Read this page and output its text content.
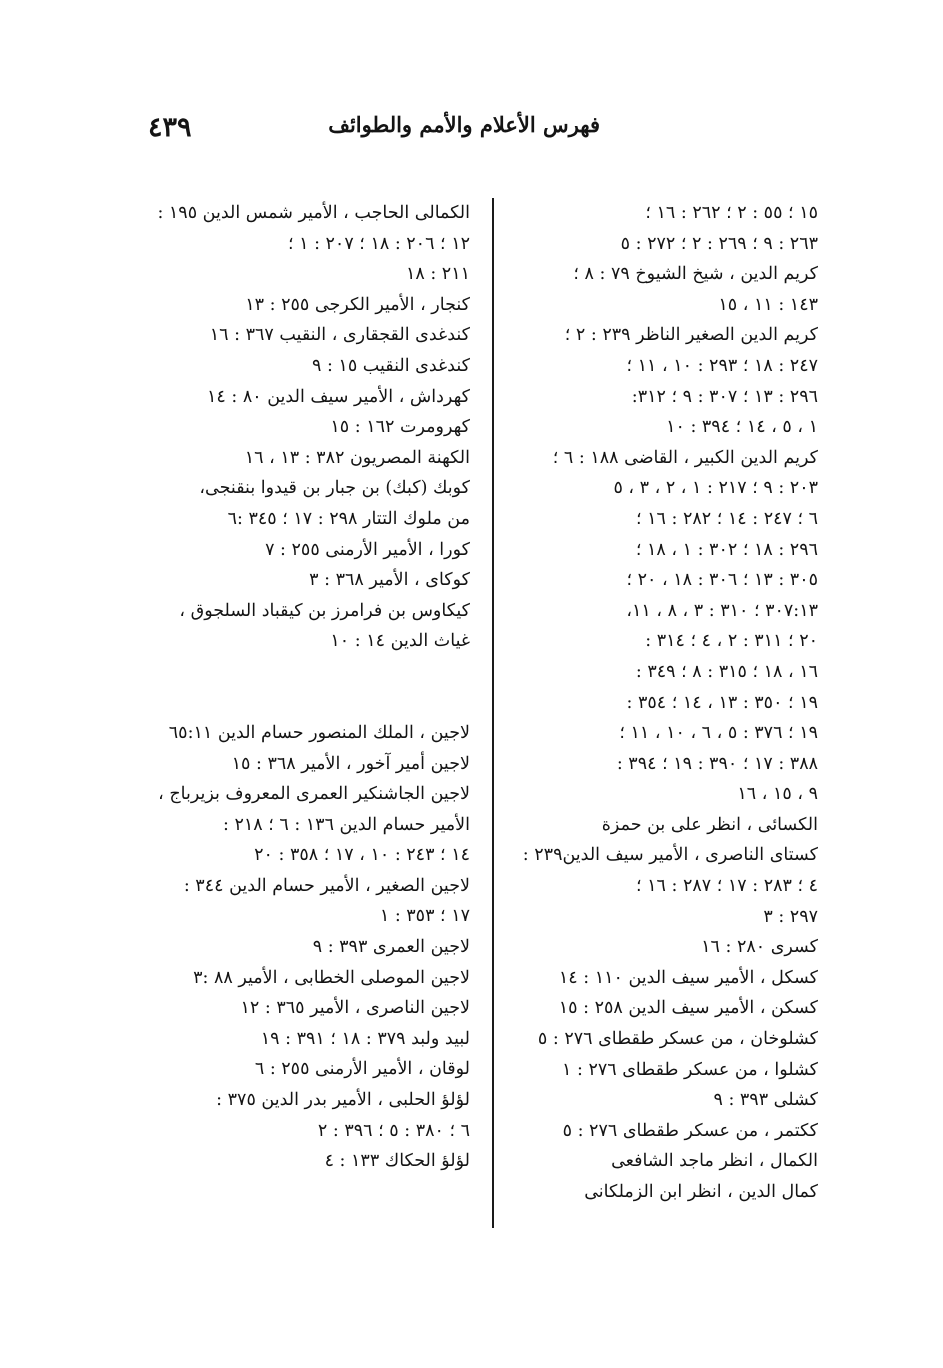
٤٣٩	فهرس الأعلام والأمم والطوائف
١٥ ؛ ٥٥ : ٢ ؛ ٢٦٢ : ١٦ ؛
٢٦٣ : ٩ ؛ ٢٦٩ : ٢ ؛ ٢٧٢ : ٥
كريم الدين ، شيخ الشيوخ ٧٩ : ٨ ؛
١٤٣ : ١١ ، ١٥
كريم الدين الصغير الناظر ٢٣٩ : ٢ ؛
٢٤٧ : ١٨ ؛ ٢٩٣ : ١٠ ، ١١ ؛
٢٩٦ : ١٣ ؛ ٣٠٧ : ٩ ؛ ٣١٢:
١ ، ٥ ، ١٤ ؛ ٣٩٤ : ١٠
كريم الدين الكبير ، القاضى ١٨٨ : ٦ ؛
٢٠٣ : ٩ ؛ ٢١٧ : ١ ، ٢ ، ٣ ، ٥
٦ ؛ ٢٤٧ : ١٤ ؛ ٢٨٢ : ١٦ ؛
٢٩٦ : ١٨ ؛ ٣٠٢ : ١ ، ١٨ ؛
٣٠٥ : ١٣ ؛ ٣٠٦ : ١٨ ، ٢٠ ؛
٣٠٧:١٣ ؛ ٣١٠ : ٣ ، ٨ ، ١١،
٢٠ ؛ ٣١١ : ٢ ، ٤ ؛ ٣١٤ :
١٦ ، ١٨ ؛ ٣١٥ : ٨ ؛ ٣٤٩ :
١٩ ؛ ٣٥٠ : ١٣ ، ١٤ ؛ ٣٥٤ :
١٩ ؛ ٣٧٦ : ٥ ، ٦ ، ١٠ ، ١١ ؛
٣٨٨ : ١٧ ؛ ٣٩٠ : ١٩ ؛ ٣٩٤ :
٩ ، ١٥ ، ١٦
الكسائى ، انظر على بن حمزة
كستاى الناصرى ، الأمير سيف الدين٢٣٩ :
٤ ؛ ٢٨٣ : ١٧ ؛ ٢٨٧ : ١٦ ؛
٢٩٧ : ٣
كسرى ٢٨٠ : ١٦
كسكل ، الأمير سيف الدين ١١٠ : ١٤
كسكن ، الأمير سيف الدين ٢٥٨ : ١٥
كشلوخان ، من عسكر طقطاى ٢٧٦ : ٥
كشلوا ، من عسكر طقطاى ٢٧٦ : ١
كشلى ٣٩٣ : ٩
ككتمر ، من عسكر طقطاى ٢٧٦ : ٥
الكمال ، انظر ماجد الشافعى
كمال الدين ، انظر ابن الزملكانى
الكمالى الحاجب ، الأمير شمس الدين ١٩٥ :
١٢ ؛ ٢٠٦ : ١٨ ؛ ٢٠٧ : ١ ؛
٢١١ : ١٨
كنجار ، الأمير الكرجى ٢٥٥ : ١٣
كندغدى القجقارى ، النقيب ٣٦٧ : ١٦
كندغدى النقيب ١٥ : ٩
كهرداش ، الأمير سيف الدين ٨٠ : ١٤
كهرومرت ١٦٢ : ١٥
الكهنة المصريون ٣٨٢ : ١٣ ، ١٦
كوبك (كبك) بن جبار بن قيدوا بنقنجى،
من ملوك التتار ٢٩٨ : ١٧ ؛ ٣٤٥ :٦
كورا ، الأمير الأرمنى ٢٥٥ : ٧
كوكاى ، الأمير ٣٦٨ : ٣
كيكاوس بن فرامرز بن كيقباد السلجوق ،
غياث الدين ١٤ : ١٠
لاجين ، الملك المنصور حسام الدين ٦٥:١١
لاجين أمير آخور ، الأمير ٣٦٨ : ١٥
لاجين الجاشنكير العمرى المعروف بزيرباج ،
الأمير حسام الدين ١٣٦ : ٦ ؛ ٢١٨ :
١٤ ؛ ٢٤٣ : ١٠ ، ١٧ ؛ ٣٥٨ : ٢٠
لاجين الصغير ، الأمير حسام الدين ٣٤٤ :
١٧ ؛ ٣٥٣ : ١
لاجين العمرى ٣٩٣ : ٩
لاجين الموصلى الخطابى ، الأمير ٨٨ :٣
لاجين الناصرى ، الأمير ٣٦٥ : ١٢
لبيد ولبد ٣٧٩ : ١٨ ؛ ٣٩١ : ١٩
لوقان ، الأمير الأرمنى ٢٥٥ : ٦
لؤلؤ الحلبى ، الأمير بدر الدين ٣٧٥ :
٦ ؛ ٣٨٠ : ٥ ؛ ٣٩٦ : ٢
لؤلؤ الحكاك ١٣٣ : ٤
